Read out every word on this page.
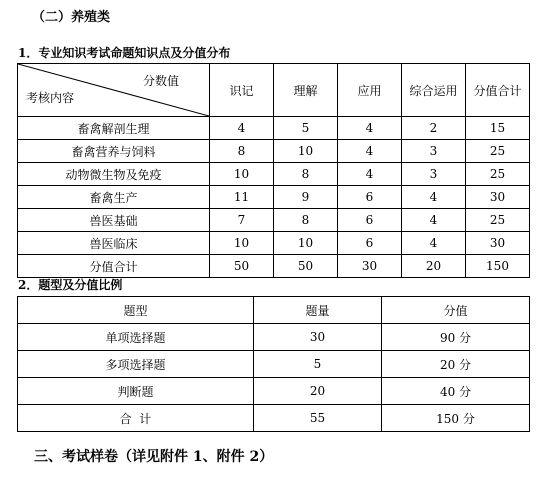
（二）养殖类
1．专业知识考试命题知识点及分值分布
分数值
考核内容	识记	理解	应用	综合运用	分值合计
畜禽解剖生理	4	5	4	2	15
畜禽营养与饲料	8	10	4	3	25
动物微生物及免疫	10	8	4	3	25
畜禽生产	11	9	6	4	30
兽医基础	7	8	6	4	25
兽医临床	10	10	6	4	30
分值合计	50	50	30	20	150
2．题型及分值比例
题型	题量	分值
单项选择题	30	90 分
多项选择题	5	20 分
判断题	20	40 分
合  计	55	150 分
三、考试样卷（详见附件 1、附件 2）
